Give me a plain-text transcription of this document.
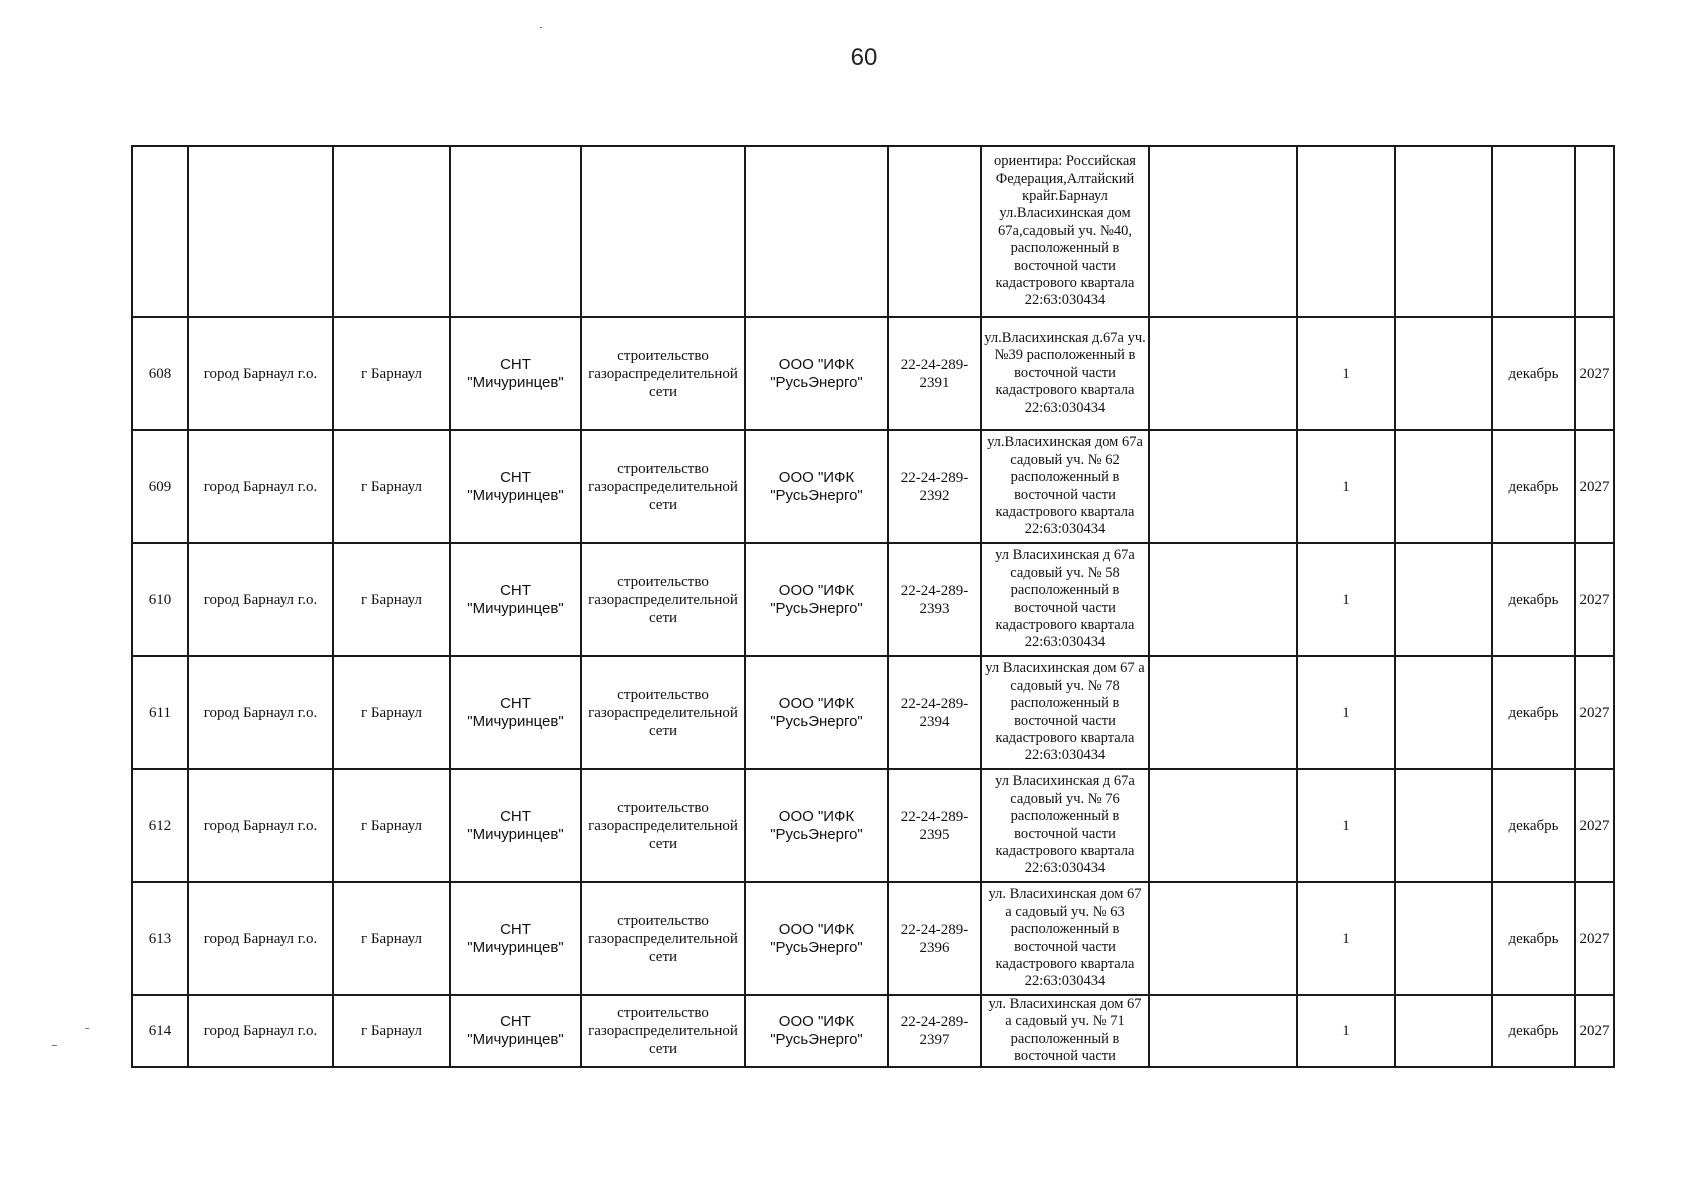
60
							ориентира: Российская Федерация,Алтайский крайг.Барнаул ул.Власихинская дом 67а,садовый уч. №40, расположенный в восточной части кадастрового квартала 22:63:030434					
608	город Барнаул г.о.	г Барнаул	СНТ "Мичуринцев"	строительство газораспределительной сети	ООО "ИФК "РусьЭнерго"	22-24-289-2391	ул.Власихинская д.67а уч. №39 расположенный в восточной части кадастрового квартала 22:63:030434		1		декабрь	2027
609	город Барнаул г.о.	г Барнаул	СНТ "Мичуринцев"	строительство газораспределительной сети	ООО "ИФК "РусьЭнерго"	22-24-289-2392	ул.Власихинская дом 67а садовый уч. № 62 расположенный в восточной части кадастрового квартала 22:63:030434		1		декабрь	2027
610	город Барнаул г.о.	г Барнаул	СНТ "Мичуринцев"	строительство газораспределительной сети	ООО "ИФК "РусьЭнерго"	22-24-289-2393	ул Власихинская д 67а садовый уч. № 58 расположенный в восточной части кадастрового квартала 22:63:030434		1		декабрь	2027
611	город Барнаул г.о.	г Барнаул	СНТ "Мичуринцев"	строительство газораспределительной сети	ООО "ИФК "РусьЭнерго"	22-24-289-2394	ул Власихинская дом 67 а садовый уч. № 78 расположенный в восточной части кадастрового квартала 22:63:030434		1		декабрь	2027
612	город Барнаул г.о.	г Барнаул	СНТ "Мичуринцев"	строительство газораспределительной сети	ООО "ИФК "РусьЭнерго"	22-24-289-2395	ул Власихинская д 67а садовый уч. № 76 расположенный в восточной части кадастрового квартала 22:63:030434		1		декабрь	2027
613	город Барнаул г.о.	г Барнаул	СНТ "Мичуринцев"	строительство газораспределительной сети	ООО "ИФК "РусьЭнерго"	22-24-289-2396	ул. Власихинская дом 67 а садовый уч. № 63 расположенный в восточной части кадастрового квартала 22:63:030434		1		декабрь	2027
614	город Барнаул г.о.	г Барнаул	СНТ "Мичуринцев"	строительство газораспределительной сети	ООО "ИФК "РусьЭнерго"	22-24-289-2397	ул. Власихинская дом 67 а садовый уч. № 71 расположенный в восточной части		1		декабрь	2027
